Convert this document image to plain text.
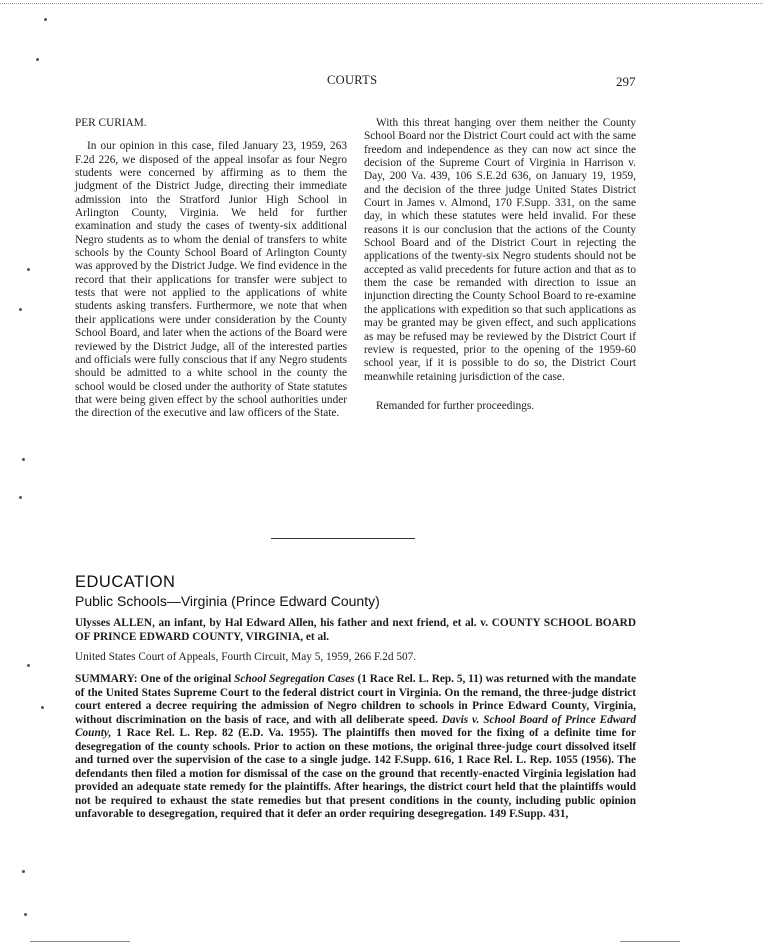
COURTS	297

PER CURIAM.

In our opinion in this case, filed January 23, 1959, 263 F.2d 226, we disposed of the appeal insofar as four Negro students were concerned by affirming as to them the judgment of the District Judge, directing their immediate admission into the Stratford Junior High School in Arlington County, Virginia. We held for further examination and study the cases of twenty-six additional Negro students as to whom the denial of transfers to white schools by the County School Board of Arlington County was approved by the District Judge. We find evidence in the record that their applications for transfer were subject to tests that were not applied to the applications of white students asking transfers. Furthermore, we note that when their applications were under consideration by the County School Board, and later when the actions of the Board were reviewed by the District Judge, all of the interested parties and officials were fully conscious that if any Negro students should be admitted to a white school in the county the school would be closed under the authority of State statutes that were being given effect by the school authorities under the direction of the executive and law officers of the State.

With this threat hanging over them neither the County School Board nor the District Court could act with the same freedom and independence as they can now act since the decision of the Supreme Court of Virginia in Harrison v. Day, 200 Va. 439, 106 S.E.2d 636, on January 19, 1959, and the decision of the three judge United States District Court in James v. Almond, 170 F.Supp. 331, on the same day, in which these statutes were held invalid. For these reasons it is our conclusion that the actions of the County School Board and of the District Court in rejecting the applications of the twenty-six Negro students should not be accepted as valid precedents for future action and that as to them the case be remanded with direction to issue an injunction directing the County School Board to re-examine the applications with expedition so that such applications as may be granted may be given effect, and such applications as may be refused may be reviewed by the District Court if review is requested, prior to the opening of the 1959-60 school year, if it is possible to do so, the District Court meanwhile retaining jurisdiction of the case.

Remanded for further proceedings.

EDUCATION
Public Schools—Virginia (Prince Edward County)
Ulysses ALLEN, an infant, by Hal Edward Allen, his father and next friend, et al. v. COUNTY SCHOOL BOARD OF PRINCE EDWARD COUNTY, VIRGINIA, et al.
United States Court of Appeals, Fourth Circuit, May 5, 1959, 266 F.2d 507.

SUMMARY: One of the original School Segregation Cases (1 Race Rel. L. Rep. 5, 11) was returned with the mandate of the United States Supreme Court to the federal district court in Virginia. On the remand, the three-judge district court entered a decree requiring the admission of Negro children to schools in Prince Edward County, Virginia, without discrimination on the basis of race, and with all deliberate speed. Davis v. School Board of Prince Edward County, 1 Race Rel. L. Rep. 82 (E.D. Va. 1955). The plaintiffs then moved for the fixing of a definite time for desegregation of the county schools. Prior to action on these motions, the original three-judge court dissolved itself and turned over the supervision of the case to a single judge. 142 F.Supp. 616, 1 Race Rel. L. Rep. 1055 (1956). The defendants then filed a motion for dismissal of the case on the ground that recently-enacted Virginia legislation had provided an adequate state remedy for the plaintiffs. After hearings, the district court held that the plaintiffs would not be required to exhaust the state remedies but that present conditions in the county, including public opinion unfavorable to desegregation, required that it defer an order requiring desegregation. 149 F.Supp. 431,
